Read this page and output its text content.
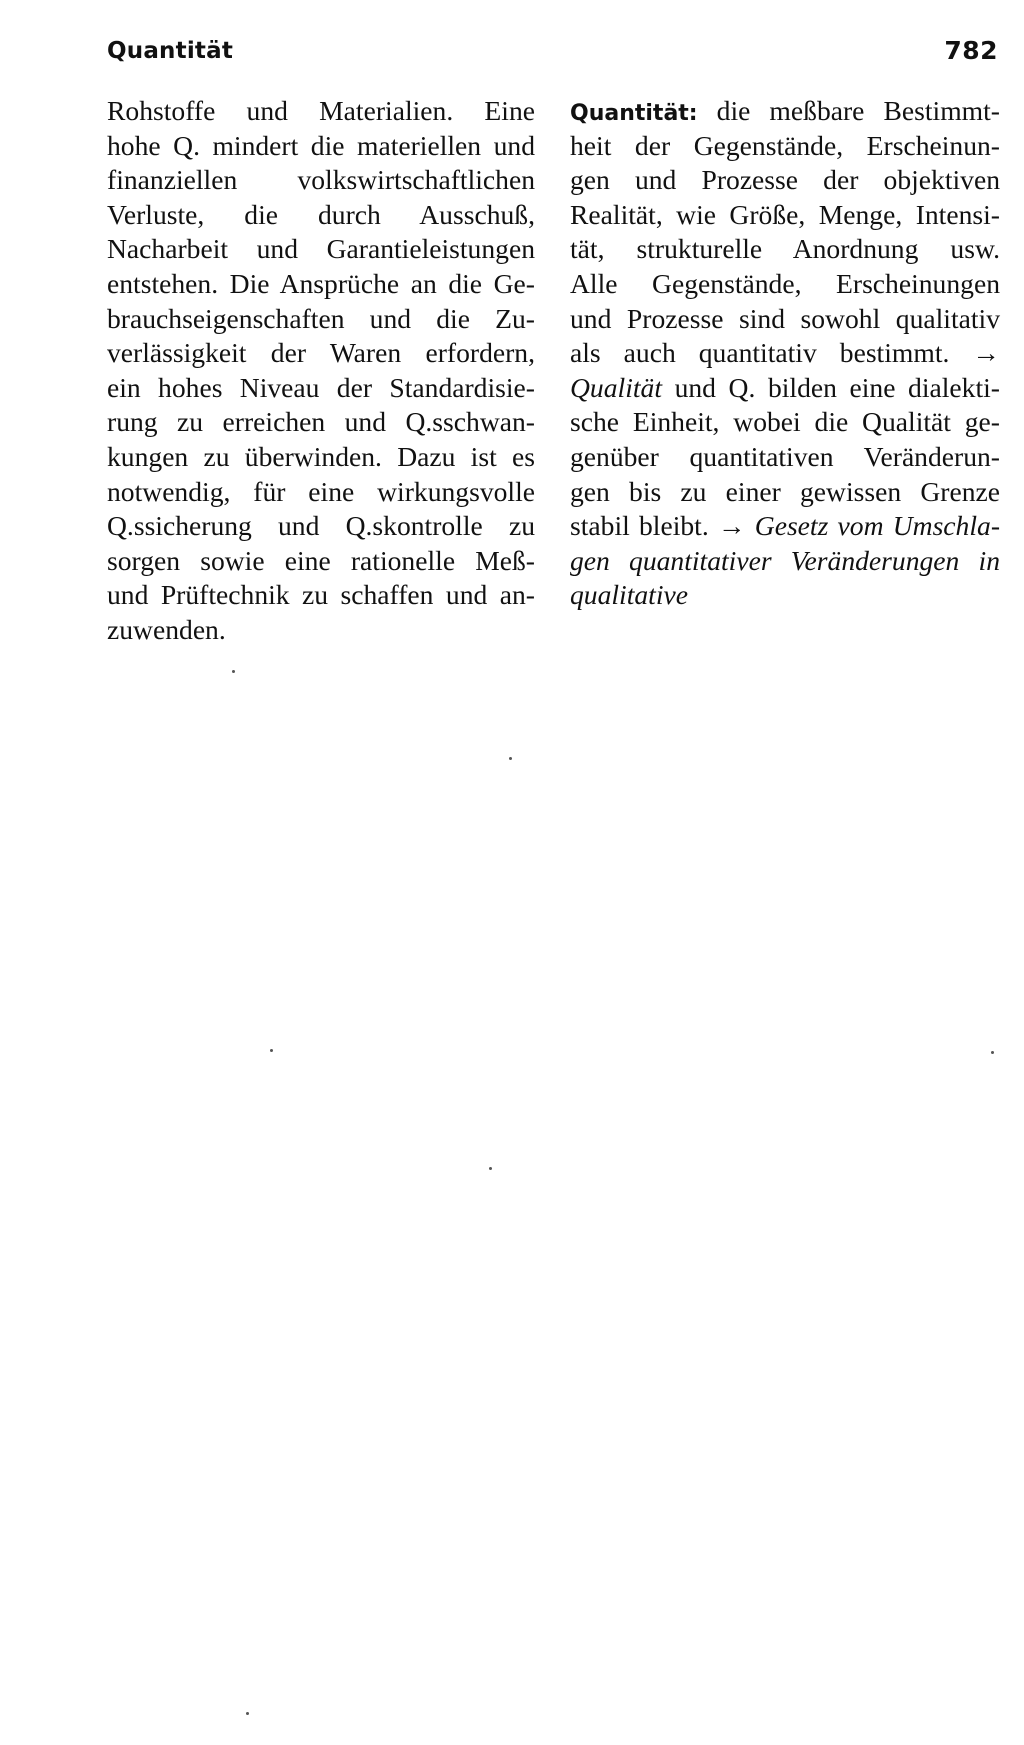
Quantität	782
Rohstoffe und Materialien. Eine
hohe Q. mindert die materiellen und
finanziellen volkswirtschaftlichen
Verluste, die durch Ausschuß,
Nacharbeit und Garantieleistungen
entstehen. Die Ansprüche an die Ge-
brauchseigenschaften und die Zu-
verlässigkeit der Waren erfordern,
ein hohes Niveau der Standardisie-
rung zu erreichen und Q.sschwan-
kungen zu überwinden. Dazu ist es
notwendig, für eine wirkungsvolle
Q.ssicherung und Q.skontrolle zu
sorgen sowie eine rationelle Meß-
und Prüftechnik zu schaffen und an-
zuwenden.
Quantität: die meßbare Bestimmt-
heit der Gegenstände, Erscheinun-
gen und Prozesse der objektiven
Realität, wie Größe, Menge, Intensi-
tät, strukturelle Anordnung usw.
Alle Gegenstände, Erscheinungen
und Prozesse sind sowohl qualitativ
als auch quantitativ bestimmt. →
Qualität und Q. bilden eine dialekti-
sche Einheit, wobei die Qualität ge-
genüber quantitativen Veränderun-
gen bis zu einer gewissen Grenze
stabil bleibt. → Gesetz vom Umschla-
gen quantitativer Veränderungen in
qualitative
